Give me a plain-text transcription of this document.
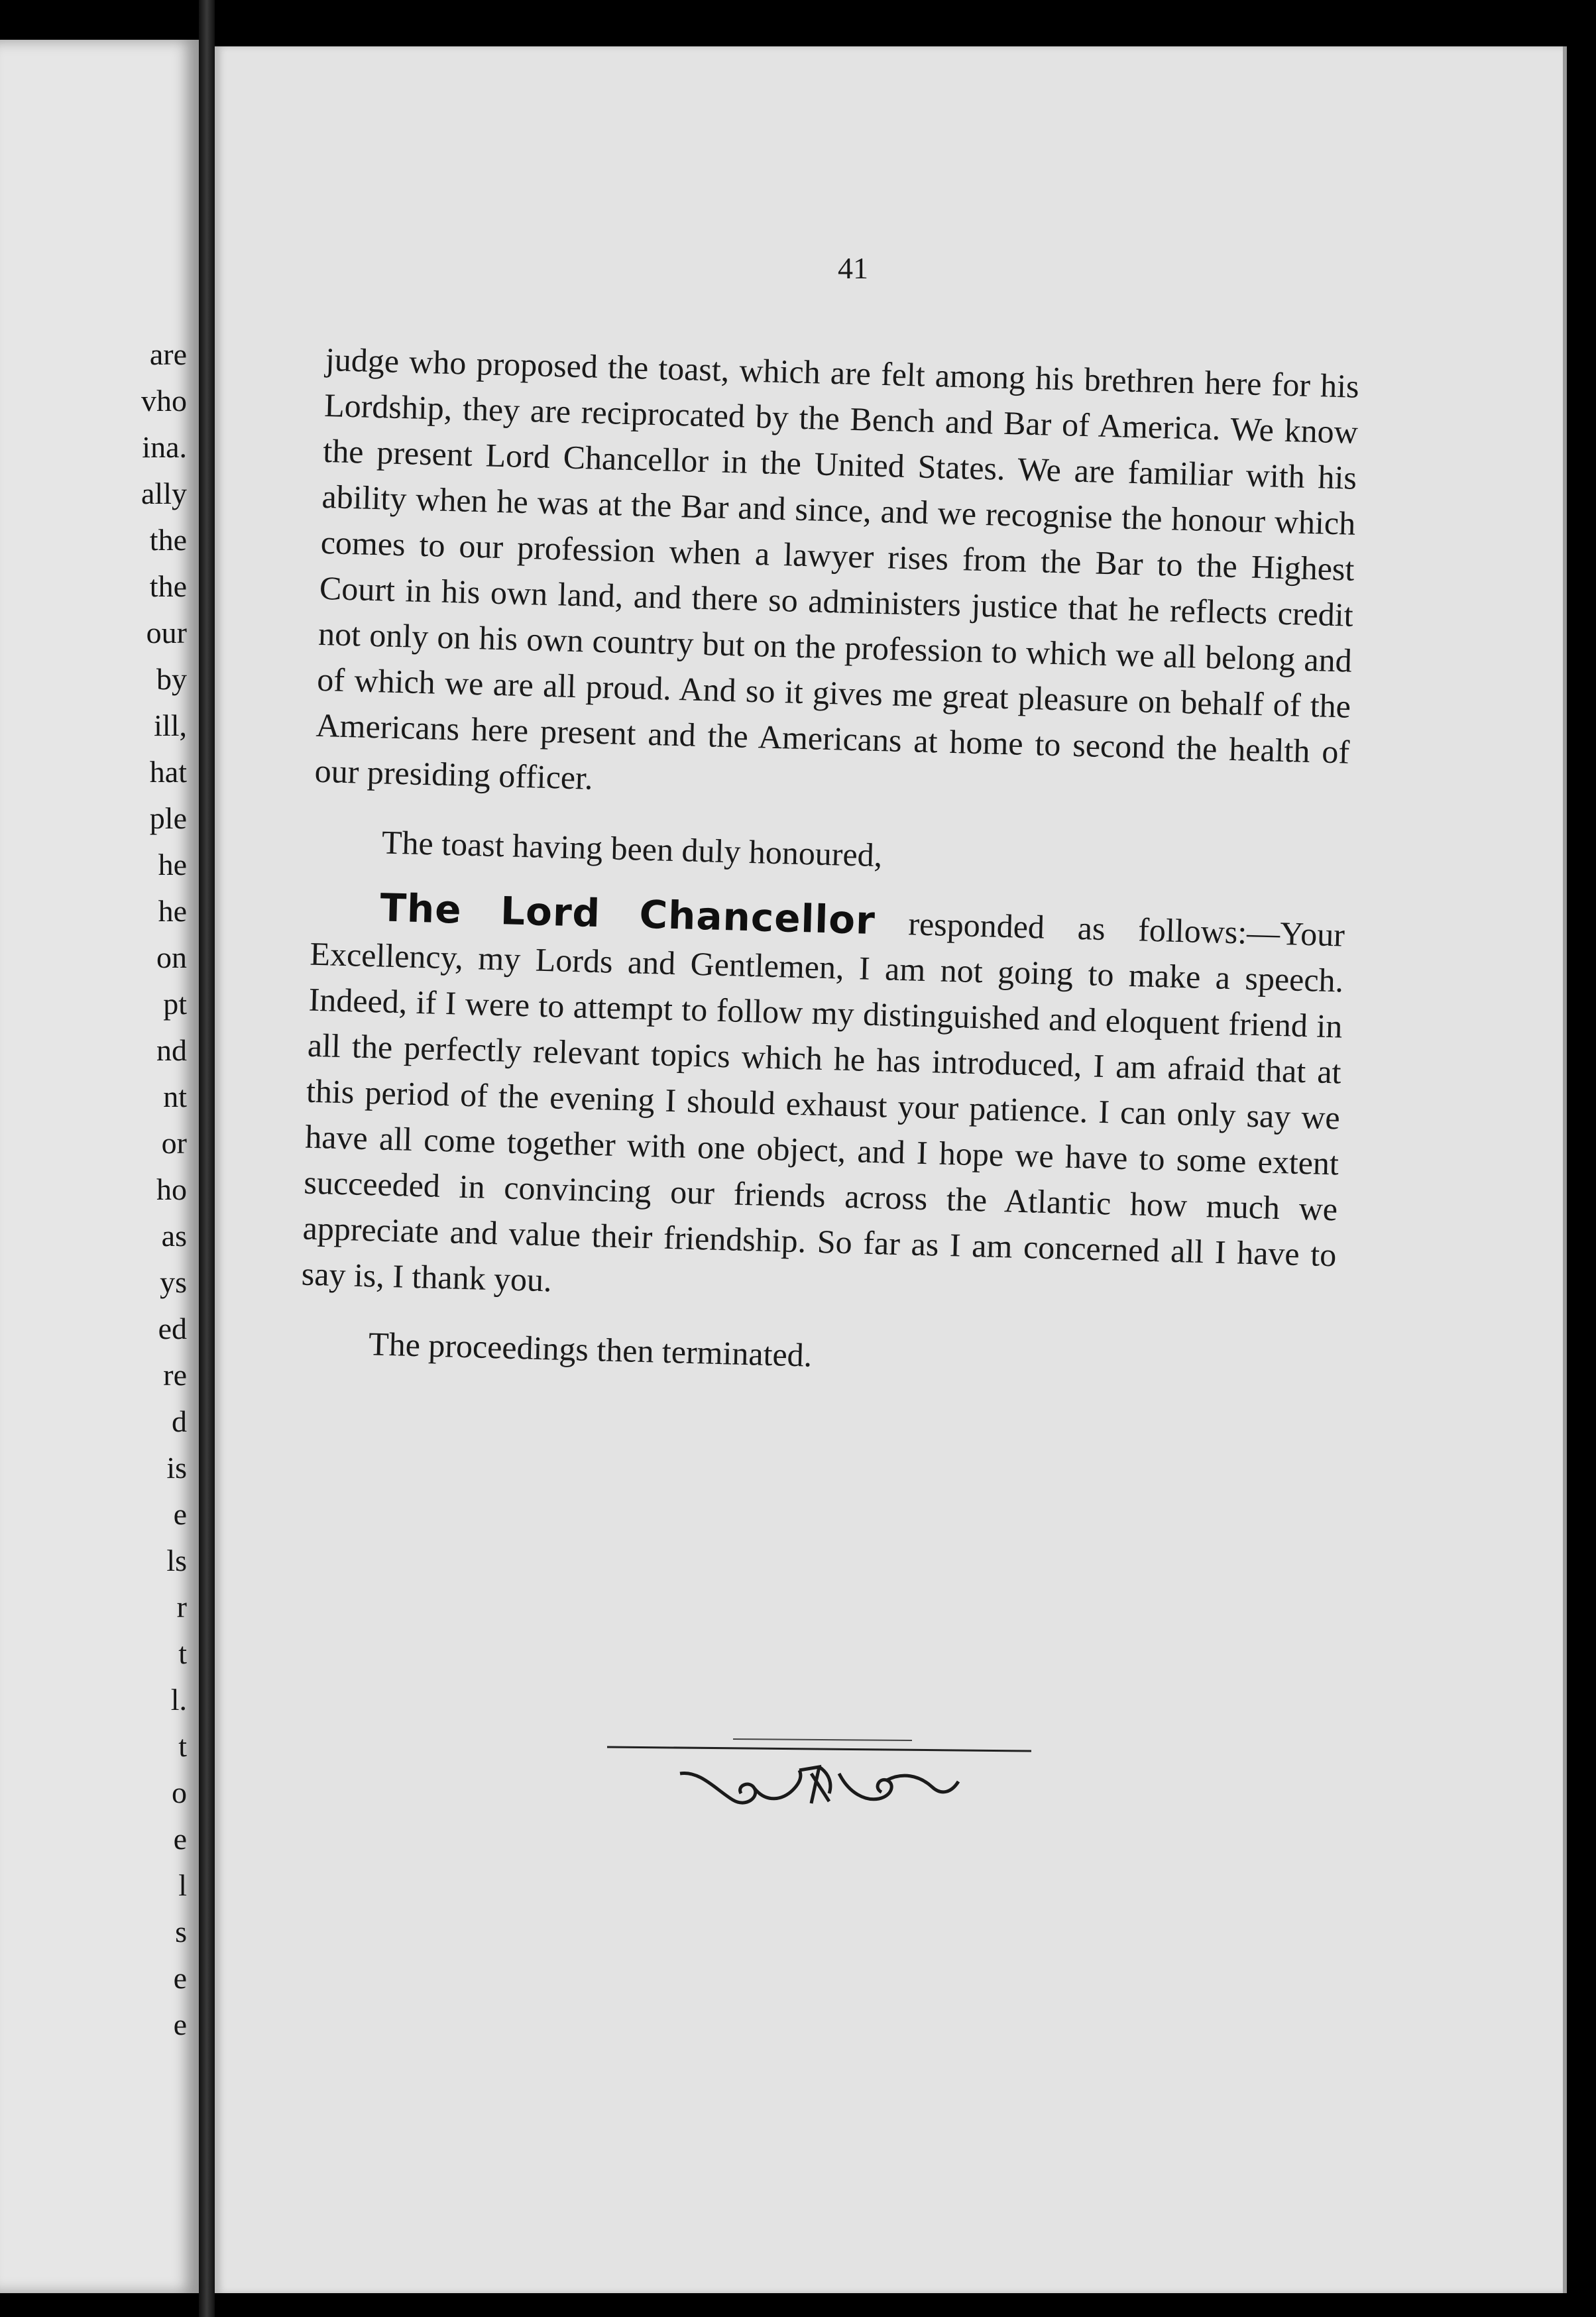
are
vho
ina.
ally
the
the
our
by
ill,
hat
ple
he
he
on
pt
nd
nt
or
ho
as
ys
ed
re
d
is
e
ls
r
t
l.
t
o
e
l
s
e
e
41

judge who proposed the toast, which are felt among his brethren here for his Lordship, they are reciprocated by the Bench and Bar of America. We know the present Lord Chancellor in the United States. We are familiar with his ability when he was at the Bar and since, and we recognise the honour which comes to our profession when a lawyer rises from the Bar to the Highest Court in his own land, and there so administers justice that he reflects credit not only on his own country but on the profession to which we all belong and of which we are all proud. And so it gives me great pleasure on behalf of the Americans here present and the Americans at home to second the health of our presiding officer.

The toast having been duly honoured,

The Lord Chancellor responded as follows:—Your Excellency, my Lords and Gentlemen, I am not going to make a speech. Indeed, if I were to attempt to follow my distinguished and eloquent friend in all the perfectly relevant topics which he has introduced, I am afraid that at this period of the evening I should exhaust your patience. I can only say we have all come together with one object, and I hope we have to some extent succeeded in convincing our friends across the Atlantic how much we appreciate and value their friendship. So far as I am concerned all I have to say is, I thank you.

The proceedings then terminated.
